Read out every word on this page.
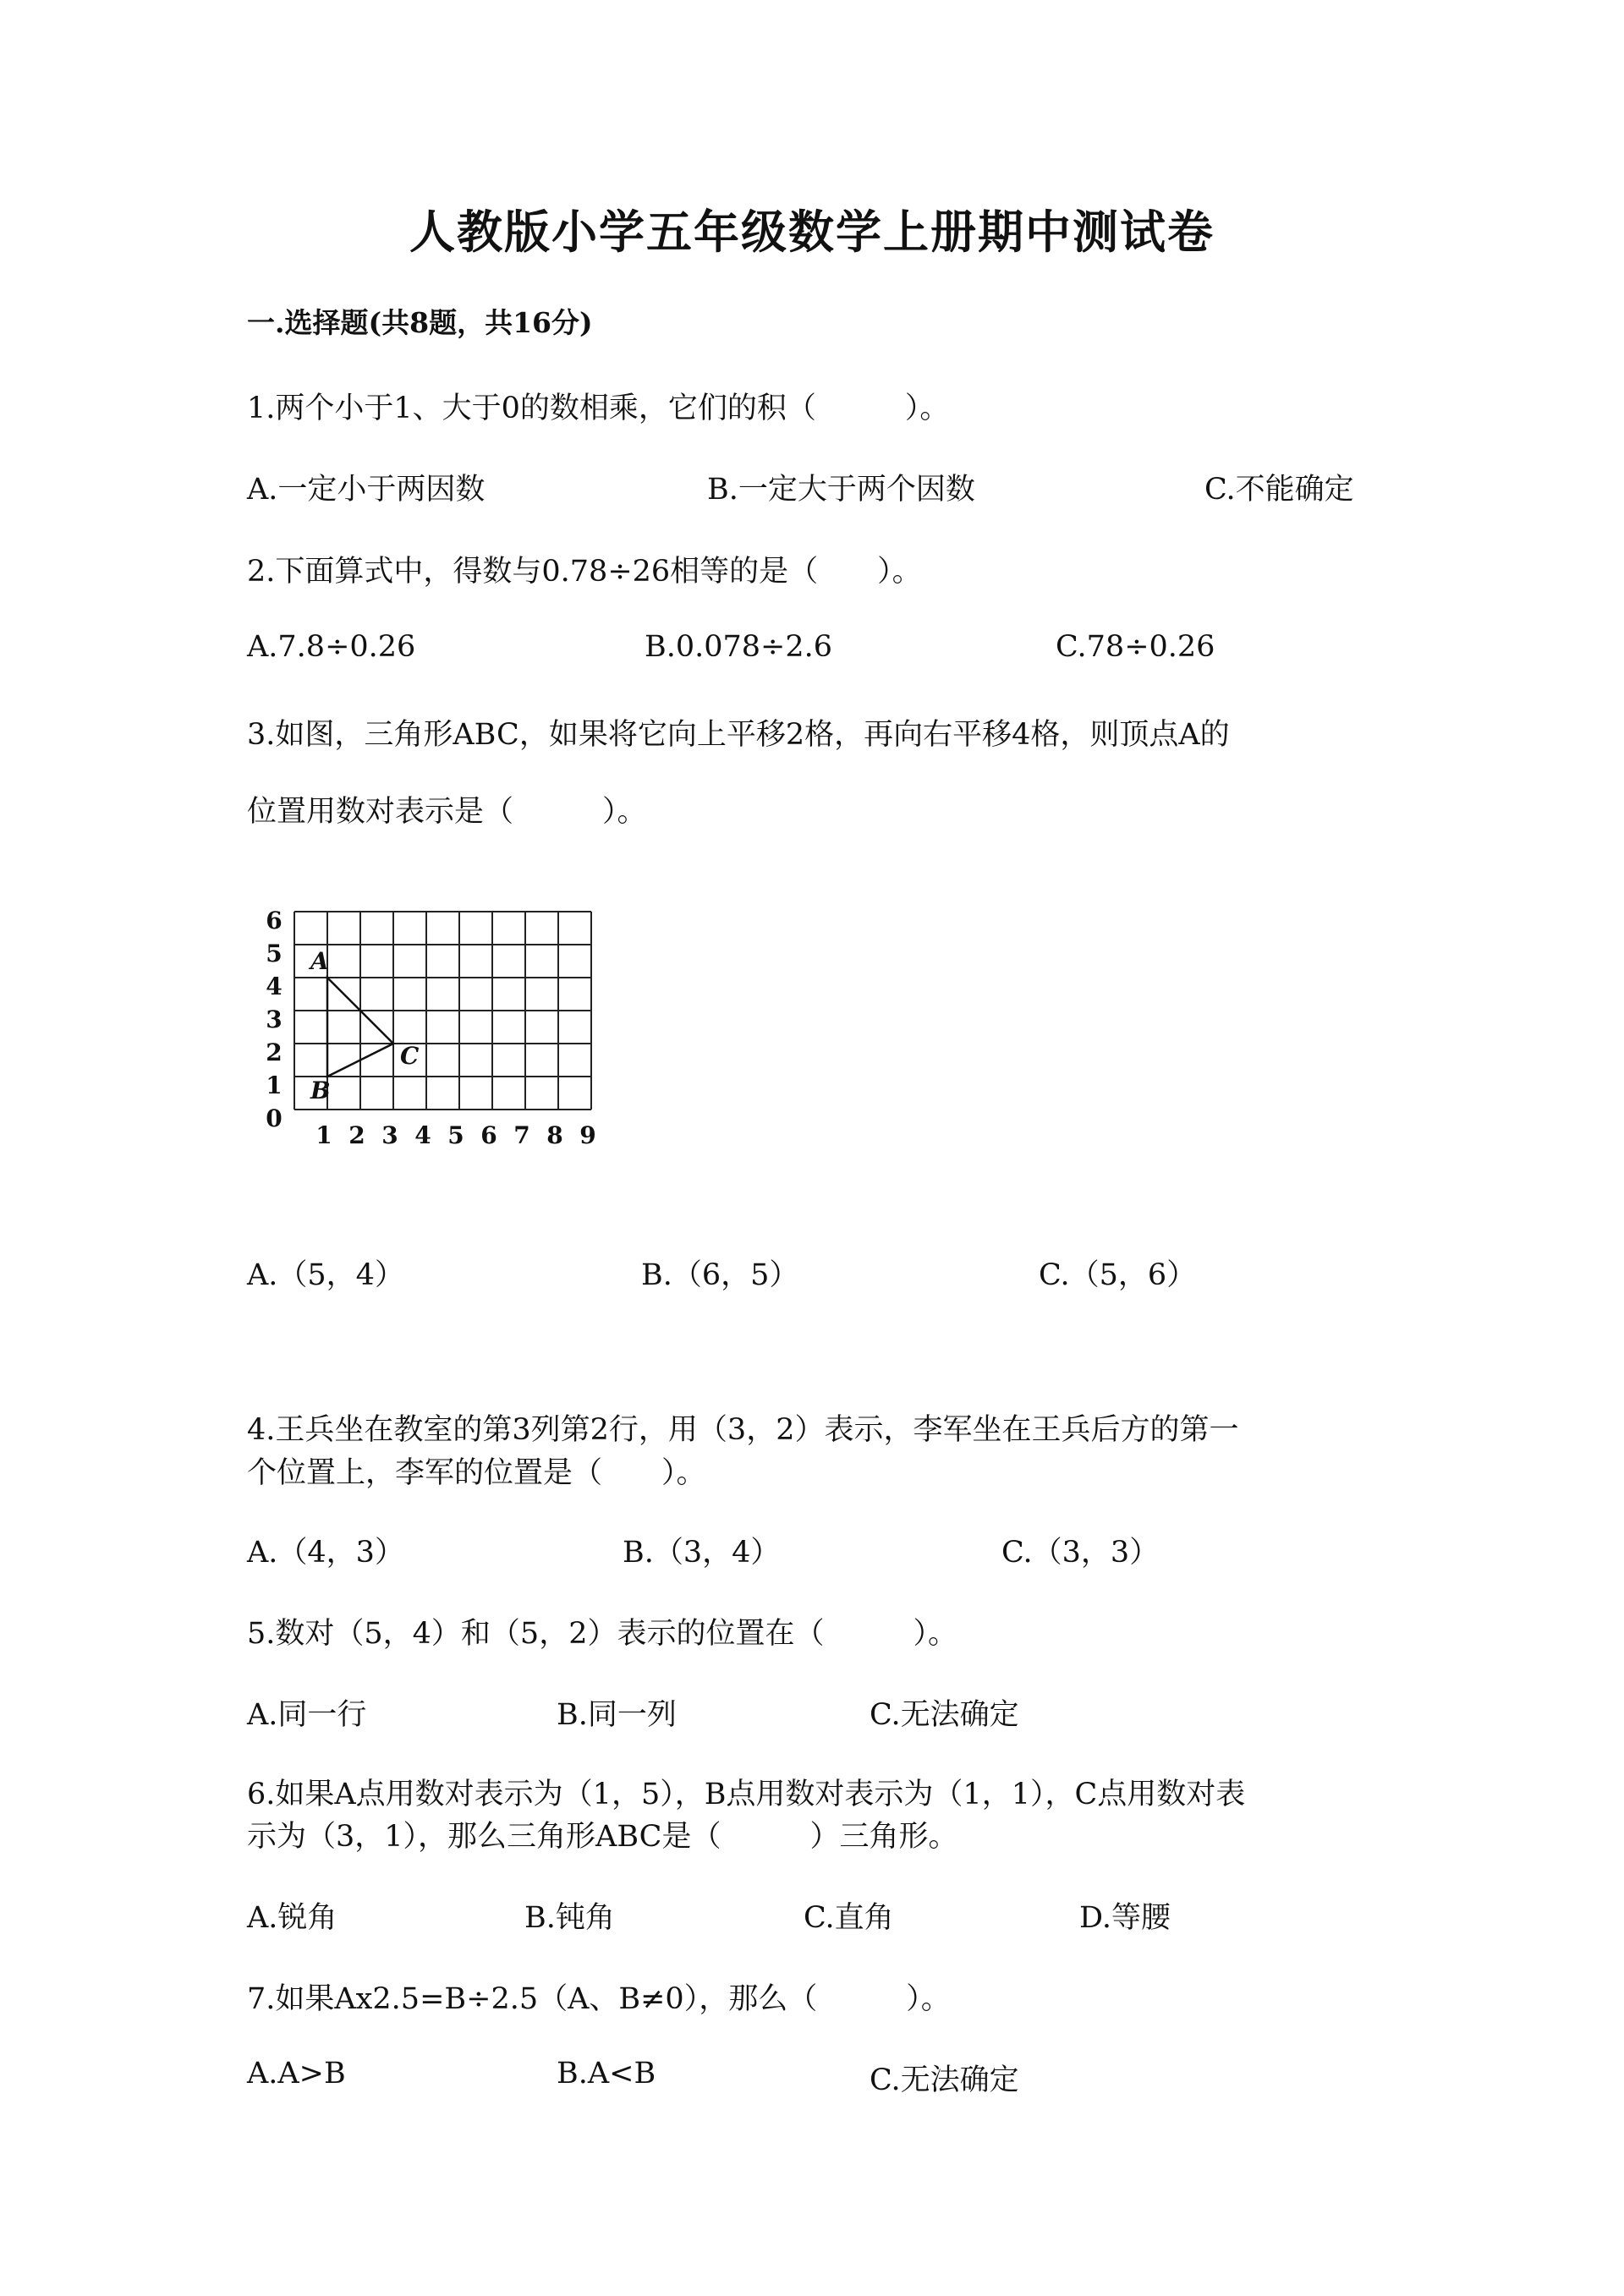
人教版小学五年级数学上册期中测试卷
一.选择题(共8题，共16分)
1.两个小于1、大于0的数相乘，它们的积（　　　）。
A.一定小于两因数	B.一定大于两个因数	C.不能确定
2.下面算式中，得数与0.78÷26相等的是（　　）。
A.7.8÷0.26	B.0.078÷2.6	C.78÷0.26
3.如图，三角形ABC，如果将它向上平移2格，再向右平移4格，则顶点A的
位置用数对表示是（　　　）。
1 2 3 4 5 6 7 8 9
0
1
2
3
4
5
6
A
B
C
A.（5，4）	B.（6，5）	C.（5，6）
4.王兵坐在教室的第3列第2行，用（3，2）表示，李军坐在王兵后方的第一
个位置上，李军的位置是（　　）。
A.（4，3）	B.（3，4）	C.（3，3）
5.数对（5，4）和（5，2）表示的位置在（　　　）。
A.同一行	B.同一列	C.无法确定
6.如果A点用数对表示为（1，5），B点用数对表示为（1，1），C点用数对表
示为（3，1），那么三角形ABC是（　　　）三角形。
A.锐角	B.钝角	C.直角	D.等腰
7.如果Ax2.5=B÷2.5（A、B≠0），那么（　　　）。
A.A>B	B.A<B	C.无法确定
